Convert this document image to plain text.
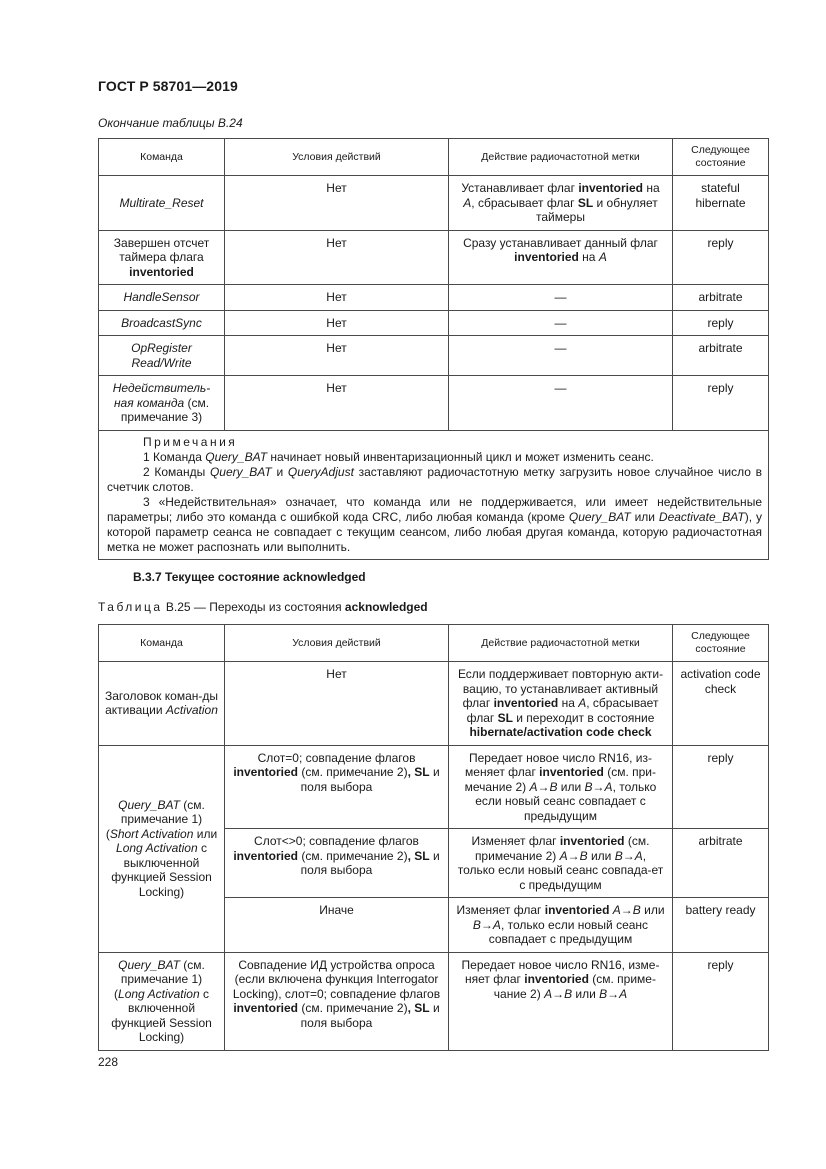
ГОСТ Р 58701—2019
Окончание таблицы В.24
Команда	Условия действий	Действие радиочастотной метки	Следующее состояние
Multirate_Reset	Нет	Устанавливает флаг inventoried на A, сбрасывает флаг SL и обнуляет таймеры	stateful hibernate
Завершен отсчет таймера флага inventoried	Нет	Сразу устанавливает данный флаг inventoried на A	reply
HandleSensor	Нет	—	arbitrate
BroadcastSync	Нет	—	reply
OpRegister Read/Write	Нет	—	arbitrate
Недействитель-ная команда (см. примечание 3)	Нет	—	reply

Примечания

1 Команда Query_BAT начинает новый инвентаризационный цикл и может изменить сеанс.

2 Команды Query_BAT и QueryAdjust заставляют радиочастотную метку загрузить новое случайное число в счетчик слотов.

3 «Недействительная» означает, что команда или не поддерживается, или имеет недействительные параметры; либо это команда с ошибкой кода CRC, либо любая команда (кроме Query_BAT или Deactivate_BAT), у которой параметр сеанса не совпадает с текущим сеансом, либо любая другая команда, которую радиочастотная метка не может распознать или выполнить.			

В.3.7 Текущее состояние acknowledged
Таблица В.25 — Переходы из состояния acknowledged
Команда	Условия действий	Действие радиочастотной метки	Следующее состояние
Заголовок коман-ды активации Activation	Нет	Если поддерживает повторную акти-вацию, то устанавливает активный флаг inventoried на A, сбрасывает флаг SL и переходит в состояние hibernate/activation code check	activation code check
Query_BAT (см. примечание 1) (Short Activation или Long Activation с выключенной функцией Session Locking)	Слот=0; совпадение флагов inventoried (см. примечание 2), SL и поля выбора	Передает новое число RN16, из-меняет флаг inventoried (см. при-мечание 2) A→B или B→A, только если новый сеанс совпадает с предыдущим	reply
	Слот<>0; совпадение флагов inventoried (см. примечание 2), SL и поля выбора	Изменяет флаг inventoried (см. примечание 2) A→B или B→A, только если новый сеанс совпада-ет с предыдущим	arbitrate
	Иначе	Изменяет флаг inventoried A→B или B→A, только если новый сеанс совпадает с предыдущим	battery ready
Query_BAT (см. примечание 1) (Long Activation с включенной функцией Session Locking)	Совпадение ИД устройства опроса (если включена функция Interrogator Locking), слот=0; совпадение флагов inventoried (см. примечание 2), SL и поля выбора	Передает новое число RN16, изме-няет флаг inventoried (см. приме-чание 2) A→B или B→A	reply
228
